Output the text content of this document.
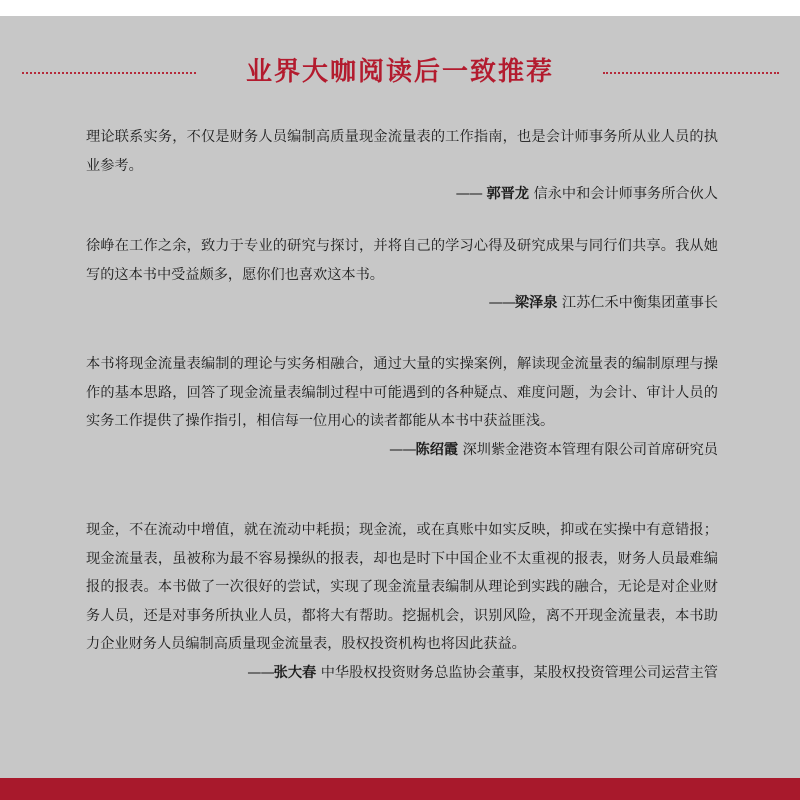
业界大咖阅读后一致推荐

理论联系实务，不仅是财务人员编制高质量现金流量表的工作指南，也是会计师事务所从业人员的执业参考。

—— 郭晋龙 信永中和会计师事务所合伙人

徐峥在工作之余，致力于专业的研究与探讨，并将自己的学习心得及研究成果与同行们共享。我从她写的这本书中受益颇多，愿你们也喜欢这本书。

——梁泽泉 江苏仁禾中衡集团董事长

本书将现金流量表编制的理论与实务相融合，通过大量的实操案例，解读现金流量表的编制原理与操作的基本思路，回答了现金流量表编制过程中可能遇到的各种疑点、难度问题，为会计、审计人员的实务工作提供了操作指引，相信每一位用心的读者都能从本书中获益匪浅。

——陈绍霞 深圳紫金港资本管理有限公司首席研究员

现金，不在流动中增值，就在流动中耗损；现金流，或在真账中如实反映，抑或在实操中有意错报；现金流量表，虽被称为最不容易操纵的报表，却也是时下中国企业不太重视的报表，财务人员最难编报的报表。本书做了一次很好的尝试，实现了现金流量表编制从理论到实践的融合，无论是对企业财务人员，还是对事务所执业人员，都将大有帮助。挖掘机会，识别风险，离不开现金流量表，本书助力企业财务人员编制高质量现金流量表，股权投资机构也将因此获益。

——张大春 中华股权投资财务总监协会董事，某股权投资管理公司运营主管
